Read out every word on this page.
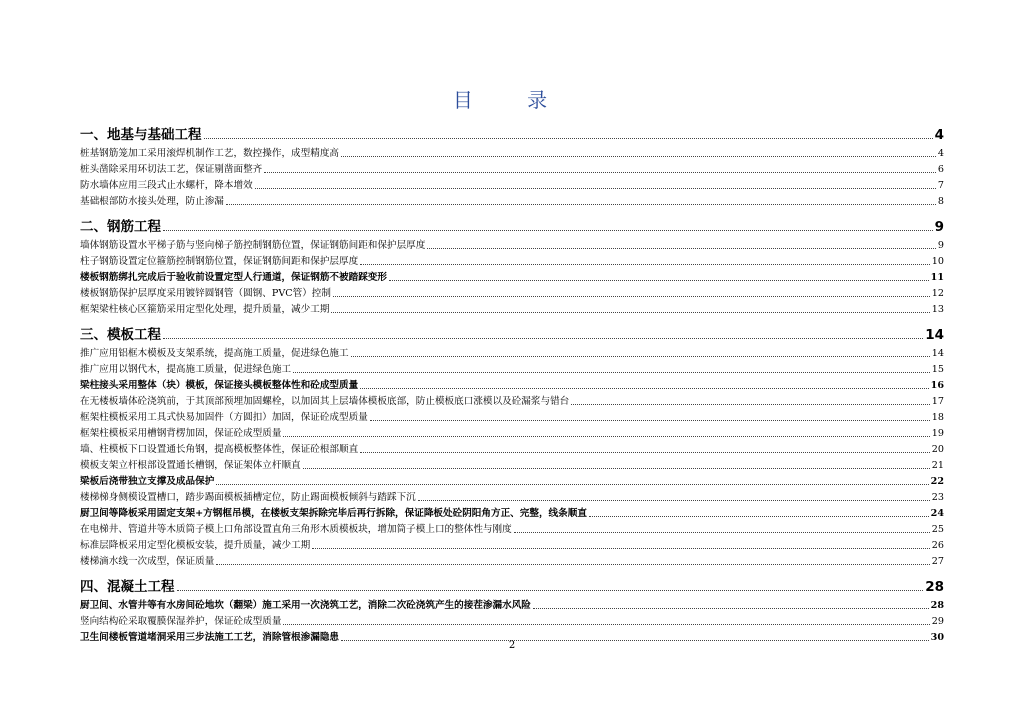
目 录
一、地基与基础工程	4
桩基钢筋笼加工采用滚焊机制作工艺，数控操作，成型精度高	4
桩头凿除采用环切法工艺，保证剔凿面整齐	6
防水墙体应用三段式止水螺杆，降本增效	7
基础根部防水接头处理，防止渗漏	8
二、钢筋工程	9
墙体钢筋设置水平梯子筋与竖向梯子筋控制钢筋位置，保证钢筋间距和保护层厚度	9
柱子钢筋设置定位箍筋控制钢筋位置，保证钢筋间距和保护层厚度	10
楼板钢筋绑扎完成后于验收前设置定型人行通道，保证钢筋不被踏踩变形	11
楼板钢筋保护层厚度采用镀锌圆钢管（圆钢、PVC管）控制	12
框架梁柱核心区箍筋采用定型化处理，提升质量，减少工期	13
三、模板工程	14
推广应用铝框木模板及支架系统，提高施工质量，促进绿色施工	14
推广应用以钢代木，提高施工质量，促进绿色施工	15
梁柱接头采用整体（块）模板，保证接头模板整体性和砼成型质量	16
在无楼板墙体砼浇筑前，于其顶部预埋加固螺栓，以加固其上层墙体模板底部，防止模板底口涨模以及砼漏浆与错台	17
框架柱模板采用工具式快易加固件（方圆扣）加固，保证砼成型质量	18
框架柱模板采用槽钢背楞加固，保证砼成型质量	19
墙、柱模板下口设置通长角钢，提高模板整体性，保证砼根部顺直	20
模板支架立杆根部设置通长槽钢，保证架体立杆顺直	21
梁板后浇带独立支撑及成品保护	22
楼梯梯身侧模设置槽口，踏步踢面模板插槽定位，防止踢面模板倾斜与踏踩下沉	23
厨卫间等降板采用固定支架+方钢框吊模，在楼板支架拆除完毕后再行拆除，保证降板处砼阴阳角方正、完整，线条顺直	24
在电梯井、管道井等木质筒子模上口角部设置直角三角形木质模板块，增加筒子模上口的整体性与刚度	25
标准层降板采用定型化模板安装，提升质量，减少工期	26
楼梯滴水线一次成型，保证质量	27
四、混凝土工程	28
厨卫间、水管井等有水房间砼地坎（翻梁）施工采用一次浇筑工艺，消除二次砼浇筑产生的接茬渗漏水风险	28
竖向结构砼采取覆膜保湿养护，保证砼成型质量	29
卫生间楼板管道堵洞采用三步法施工工艺，消除管根渗漏隐患	30
2
